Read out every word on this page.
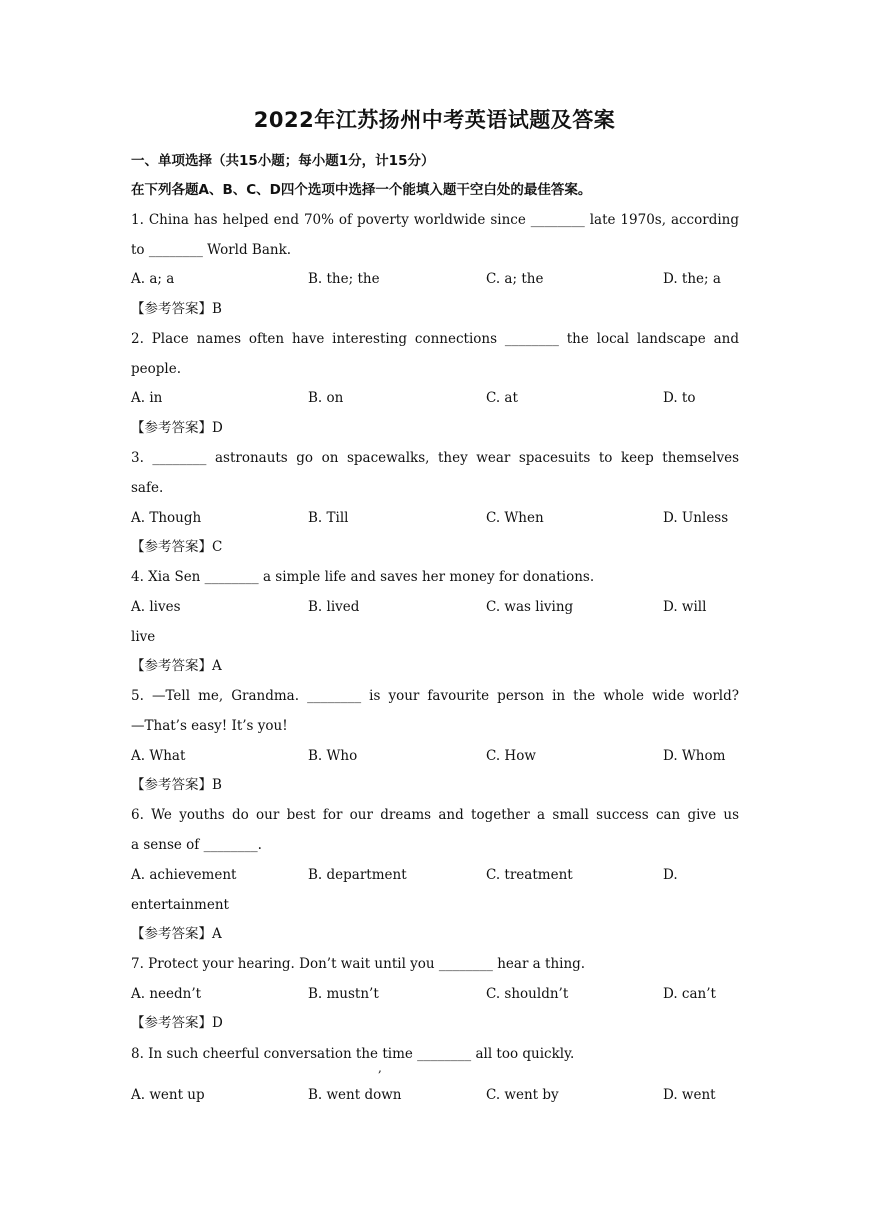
2022年江苏扬州中考英语试题及答案
一、单项选择（共15小题；每小题1分，计15分）
在下列各题A、B、C、D四个选项中选择一个能填入题干空白处的最佳答案。
1. China has helped end 70% of poverty worldwide since ________ late 1970s, according
to ________ World Bank.
A. a; a	B. the; the	C. a; the	D. the; a
【参考答案】B
2. Place names often have interesting connections ________ the local landscape and
people.
A. in	B. on	C. at	D. to
【参考答案】D
3. ________ astronauts go on spacewalks, they wear spacesuits to keep themselves
safe.
A. Though	B. Till	C. When	D. Unless
【参考答案】C
4. Xia Sen ________ a simple life and saves her money for donations.
A. lives	B. lived	C. was living	D. will
live
【参考答案】A
5. —Tell me, Grandma. ________ is your favourite person in the whole wide world?
—That’s easy! It’s you!
A. What	B. Who	C. How	D. Whom
【参考答案】B
6. We youths do our best for our dreams and together a small success can give us
a sense of ________.
A. achievement	B. department	C. treatment	D.
entertainment
【参考答案】A
7. Protect your hearing. Don’t wait until you ________ hear a thing.
A. needn’t	B. mustn’t	C. shouldn’t	D. can’t
【参考答案】D
8. In such cheerful conversation the time ________ all too quickly.
,
A. went up	B. went down	C. went by	D. went
